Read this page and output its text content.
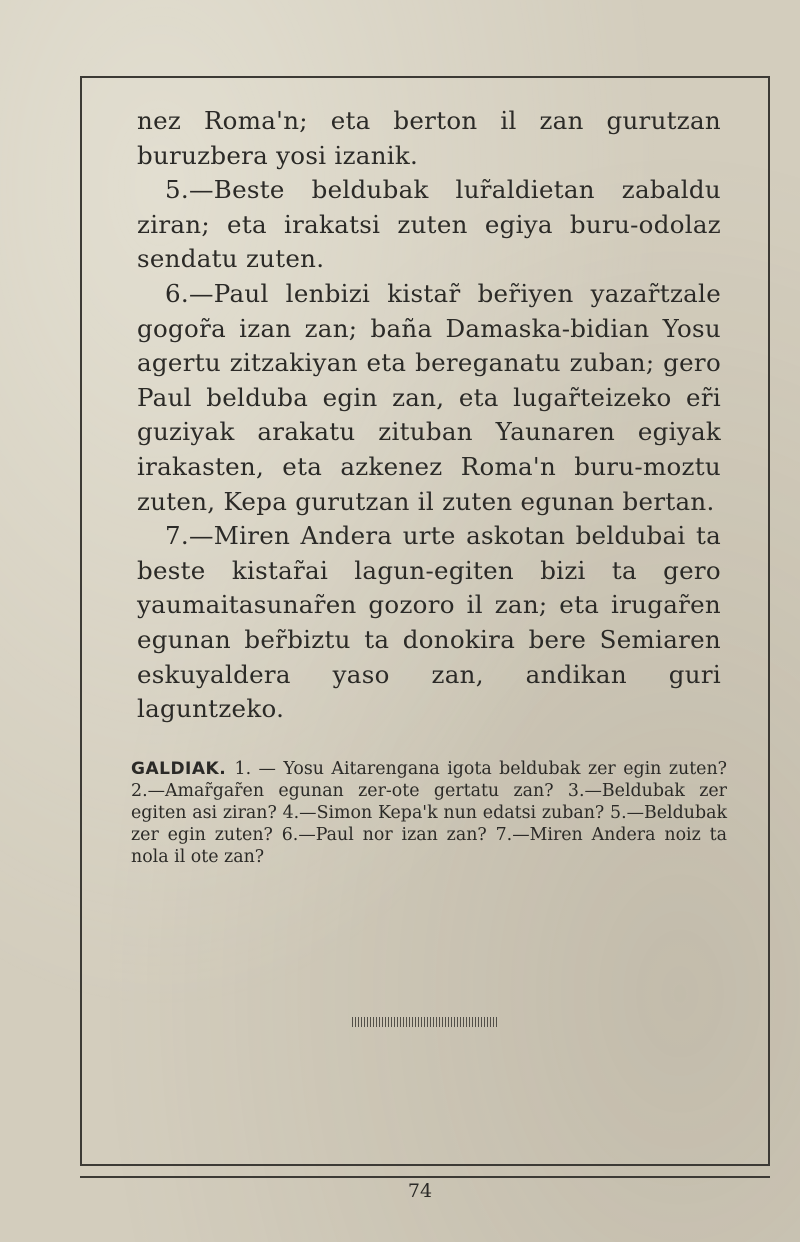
nez Roma'n; eta berton il zan gurutzan buruzbera yosi izanik.

5.—Beste beldubak lur̃aldietan zabaldu ziran; eta irakatsi zuten egiya buru-odolaz sendatu zuten.

6.—Paul lenbizi kistar̃ ber̃iyen yazar̃tzale gogor̃a izan zan; baña Damaska-bidian Yosu agertu zitzakiyan eta bereganatu zuban; gero Paul belduba egin zan, eta lugar̃teizeko er̃i guziyak arakatu zituban Yaunaren egiyak irakasten, eta azkenez Roma'n buru-moztu zuten, Kepa gurutzan il zuten egunan bertan.

7.—Miren Andera urte askotan beldubai ta beste kistar̃ai lagun-egiten bizi ta gero yaumaitasunar̃en gozoro il zan; eta irugar̃en egunan ber̃biztu ta donokira bere Semiaren eskuyaldera yaso zan, andikan guri laguntzeko.

GALDIAK. 1. — Yosu Aitarengana igota beldubak zer egin zuten? 2.—Amar̃gar̃en egunan zer-ote gertatu zan? 3.—Beldubak zer egiten asi ziran? 4.—Simon Kepa'k nun edatsi zuban? 5.—Beldubak zer egin zuten? 6.—Paul nor izan zan? 7.—Miren Andera noiz ta nola il ote zan?
74
